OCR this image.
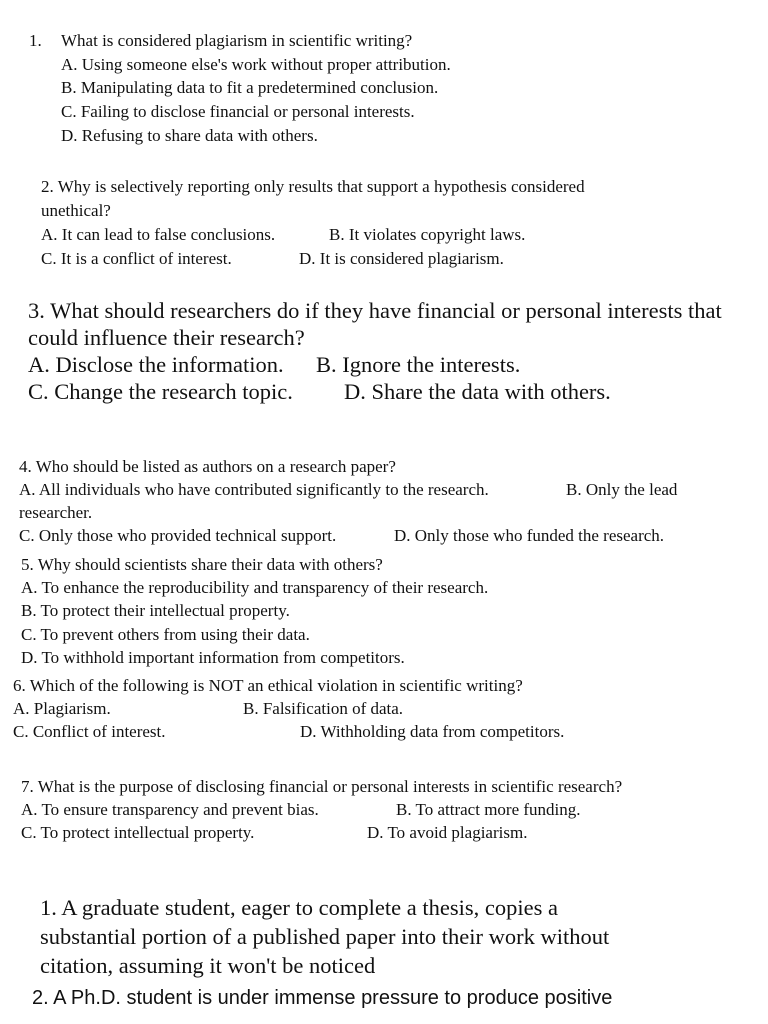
1. What is considered plagiarism in scientific writing?
A. Using someone else's work without proper attribution.
B. Manipulating data to fit a predetermined conclusion.
C. Failing to disclose financial or personal interests.
D. Refusing to share data with others.
2. Why is selectively reporting only results that support a hypothesis considered
unethical?
A. It can lead to false conclusions.	B. It violates copyright laws.
C. It is a conflict of interest.	D. It is considered plagiarism.
3. What should researchers do if they have financial or personal interests that
could influence their research?
A. Disclose the information. B. Ignore the interests.
C. Change the research topic. D. Share the data with others.
4. Who should be listed as authors on a research paper?
A. All individuals who have contributed significantly to the research.	B. Only the lead
researcher.
C. Only those who provided technical support.	D. Only those who funded the research.
5. Why should scientists share their data with others?
A. To enhance the reproducibility and transparency of their research.
B. To protect their intellectual property.
C. To prevent others from using their data.
D. To withhold important information from competitors.
6. Which of the following is NOT an ethical violation in scientific writing?
A. Plagiarism.	B. Falsification of data.
C. Conflict of interest.	D. Withholding data from competitors.
7. What is the purpose of disclosing financial or personal interests in scientific research?
A. To ensure transparency and prevent bias.	B. To attract more funding.
C. To protect intellectual property.	D. To avoid plagiarism.
1. A graduate student, eager to complete a thesis, copies a
substantial portion of a published paper into their work without
citation, assuming it won't be noticed
2. A Ph.D. student is under immense pressure to produce positive
